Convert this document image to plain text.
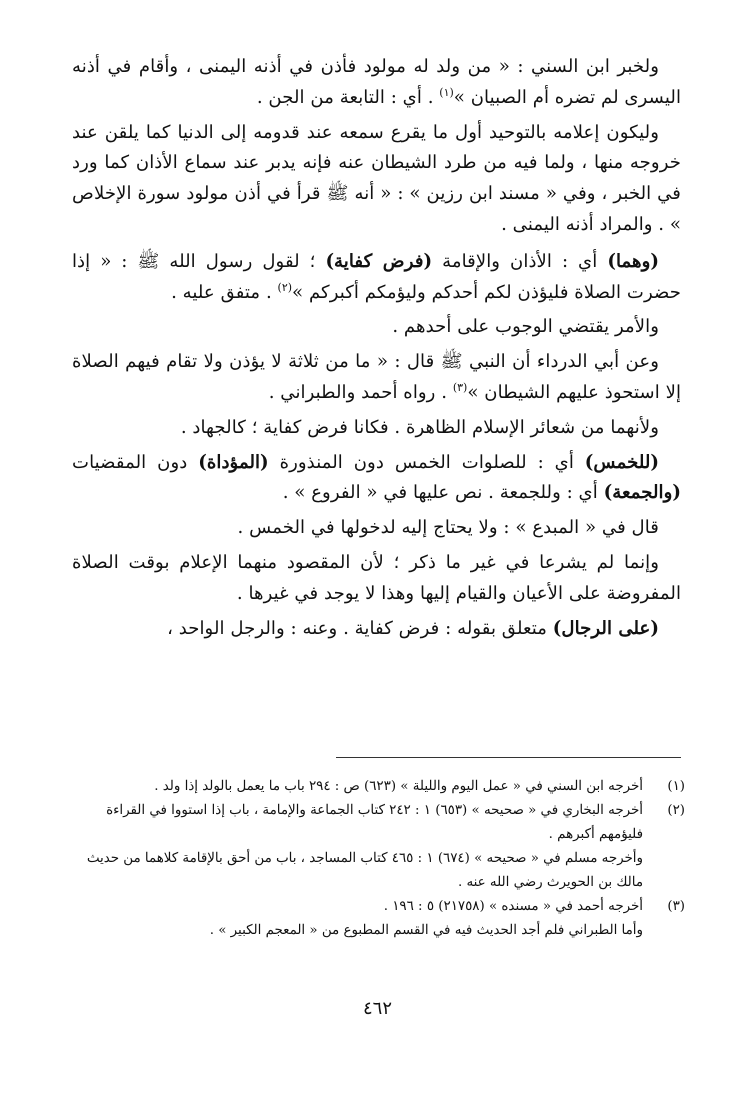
ولخبر ابن السني : « من ولد له مولود فأذن في أذنه اليمنى ، وأقام في أذنه اليسرى لم تضره أم الصبيان »$^{(١)}$ . أي : التابعة من الجن .

وليكون إعلامه بالتوحيد أول ما يقرع سمعه عند قدومه إلى الدنيا كما يلقن عند خروجه منها ، ولما فيه من طرد الشيطان عنه فإنه يدبر عند سماع الأذان كما ورد في الخبر ، وفي « مسند ابن رزين » : « أنه ﷺ قرأ في أذن مولود سورة الإخلاص » . والمراد أذنه اليمنى .

(وهما) أي : الأذان والإقامة (فرض كفاية) ؛ لقول رسول الله ﷺ : « إذا حضرت الصلاة فليؤذن لكم أحدكم وليؤمكم أكبركم »$^{(٢)}$ . متفق عليه .

والأمر يقتضي الوجوب على أحدهم .

وعن أبي الدرداء أن النبي ﷺ قال : « ما من ثلاثة لا يؤذن ولا تقام فيهم الصلاة إلا استحوذ عليهم الشيطان »$^{(٣)}$ . رواه أحمد والطبراني .

ولأنهما من شعائر الإسلام الظاهرة . فكانا فرض كفاية ؛ كالجهاد .

(للخمس) أي : للصلوات الخمس دون المنذورة (المؤداة) دون المقضيات (والجمعة) أي : وللجمعة . نص عليها في « الفروع » .

قال في « المبدع » : ولا يحتاج إليه لدخولها في الخمس .

وإنما لم يشرعا في غير ما ذكر ؛ لأن المقصود منهما الإعلام بوقت الصلاة المفروضة على الأعيان والقيام إليها وهذا لا يوجد في غيرها .

(على الرجال) متعلق بقوله : فرض كفاية . وعنه : والرجل الواحد ،

(١)
أخرجه ابن السني في « عمل اليوم والليلة » (٦٢٣) ص : ٢٩٤ باب ما يعمل بالولد إذا ولد .

(٢)
أخرجه البخاري في « صحيحه » (٦٥٣) ١ : ٢٤٢ كتاب الجماعة والإمامة ، باب إذا استووا في القراءة فليؤمهم أكبرهم .

وأخرجه مسلم في « صحيحه » (٦٧٤) ١ : ٤٦٥ كتاب المساجد ، باب من أحق بالإقامة كلاهما من حديث مالك بن الحويرث رضي الله عنه .

(٣)
أخرجه أحمد في « مسنده » (٢١٧٥٨) ٥ : ١٩٦ .

وأما الطبراني فلم أجد الحديث فيه في القسم المطبوع من « المعجم الكبير » .

٤٦٢
